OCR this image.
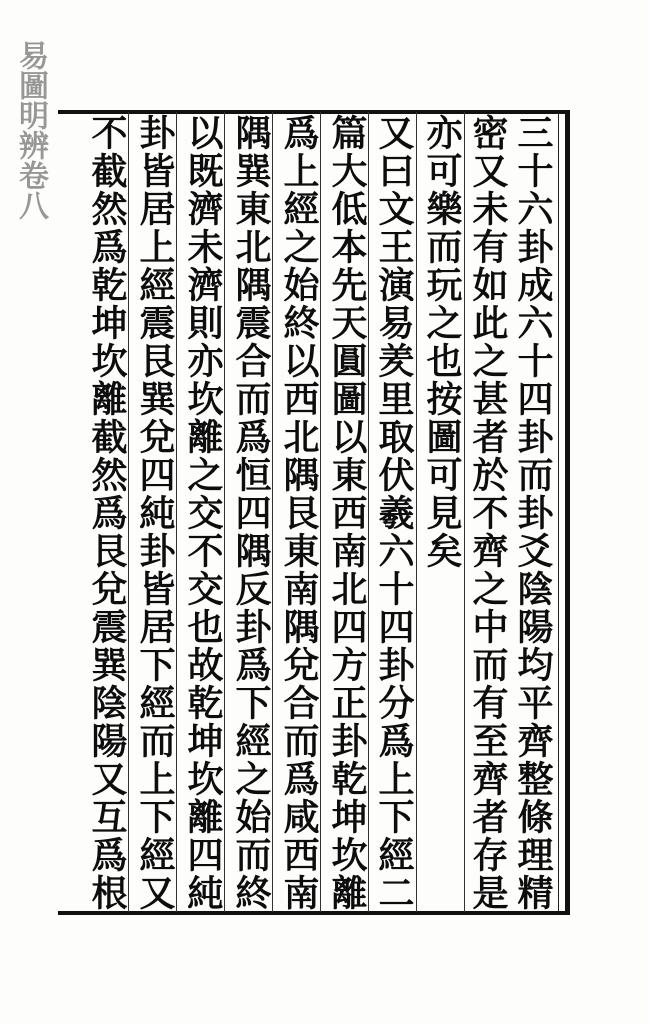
易圖明辨卷八	三十六卦成六十四卦而卦爻陰陽均平齊整條理精
密又未有如此之甚者於不齊之中而有至齊者存是
亦可樂而玩之也按圖可見矣
又曰文王演易羑里取伏羲六十四卦分爲上下經二
篇大低本先天圓圖以東西南北四方正卦乾坤坎離
爲上經之始終以西北隅艮東南隅兌合而爲咸西南
隅巽東北隅震合而爲恒四隅反卦爲下經之始而終
以既濟未濟則亦坎離之交不交也故乾坤坎離四純
卦皆居上經震艮巽兌四純卦皆居下經而上下經又
不截然爲乾坤坎離截然爲艮兌震巽陰陽又互爲根
